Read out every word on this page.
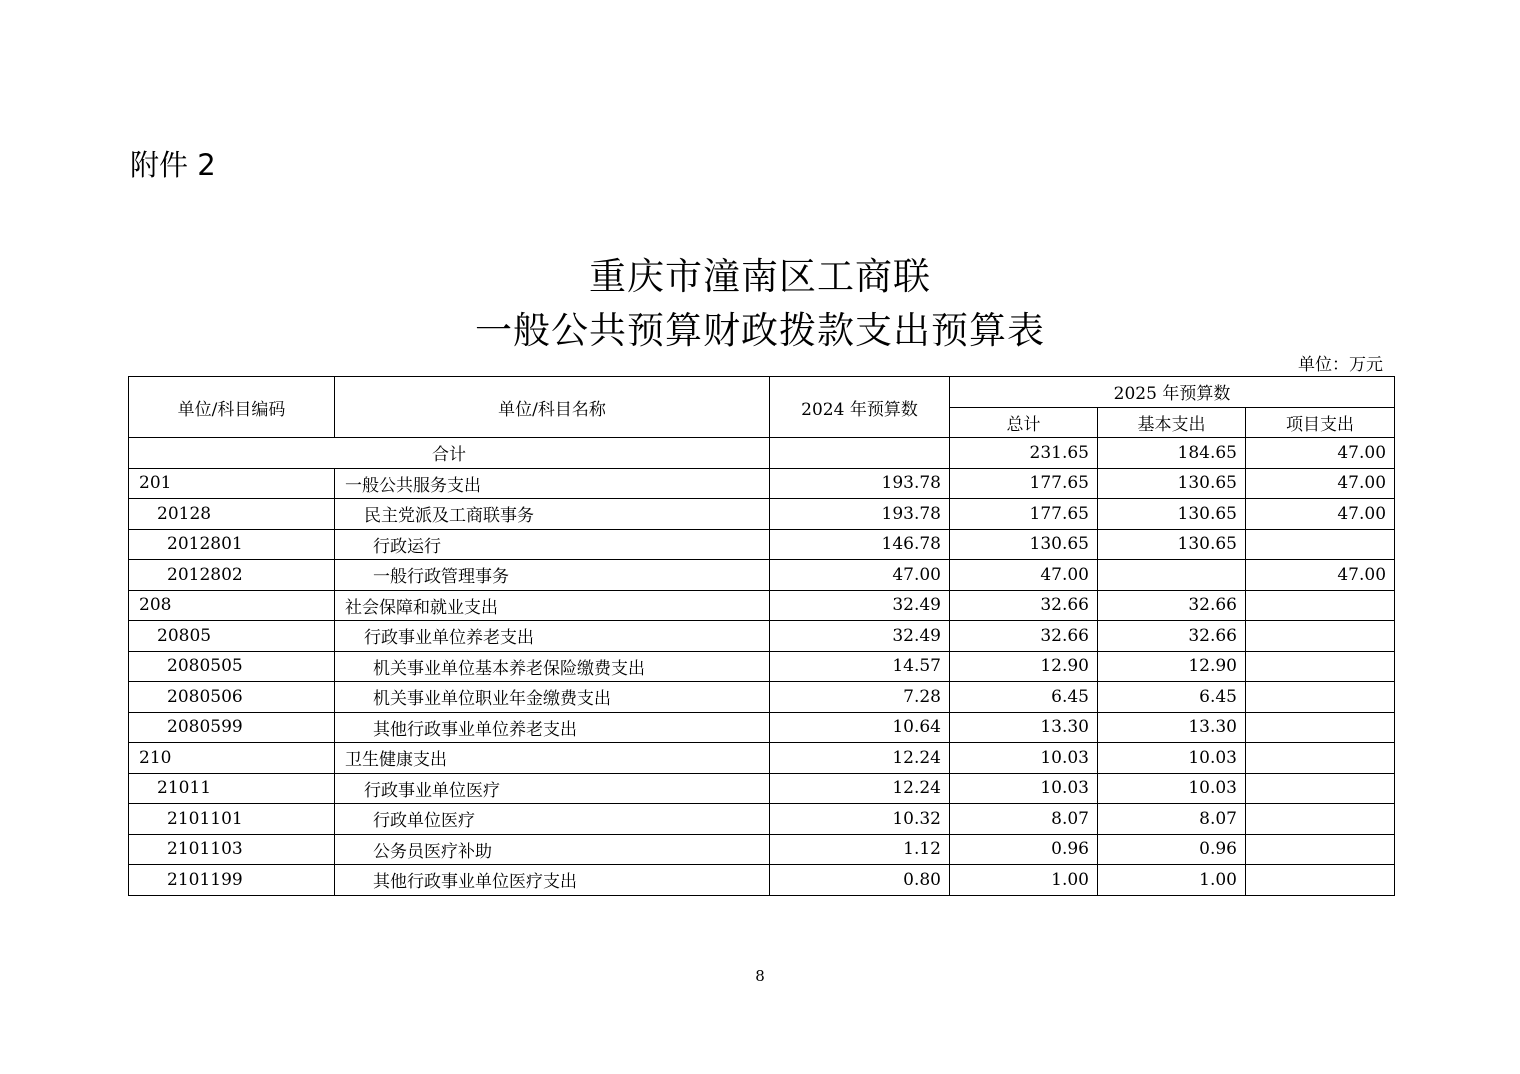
附件 2
重庆市潼南区工商联
一般公共预算财政拨款支出预算表
单位：万元
单位/科目编码	单位/科目名称	2024 年预算数	2025 年预算数		
			总计	基本支出	项目支出
合计			231.65	184.65	47.00
201	一般公共服务支出	193.78	177.65	130.65	47.00
20128	民主党派及工商联事务	193.78	177.65	130.65	47.00
2012801	行政运行	146.78	130.65	130.65	
2012802	一般行政管理事务	47.00	47.00		47.00
208	社会保障和就业支出	32.49	32.66	32.66	
20805	行政事业单位养老支出	32.49	32.66	32.66	
2080505	机关事业单位基本养老保险缴费支出	14.57	12.90	12.90	
2080506	机关事业单位职业年金缴费支出	7.28	6.45	6.45	
2080599	其他行政事业单位养老支出	10.64	13.30	13.30	
210	卫生健康支出	12.24	10.03	10.03	
21011	行政事业单位医疗	12.24	10.03	10.03	
2101101	行政单位医疗	10.32	8.07	8.07	
2101103	公务员医疗补助	1.12	0.96	0.96	
2101199	其他行政事业单位医疗支出	0.80	1.00	1.00	
8
